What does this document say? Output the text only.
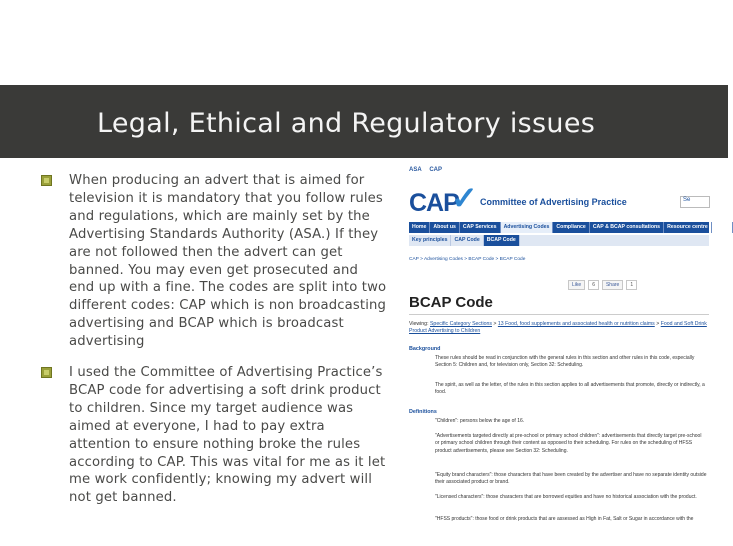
Legal, Ethical and Regulatory issues
When producing an advert that is aimed for
television it is mandatory that you follow rules
and regulations, which are mainly set by the
Advertising Standards Authority (ASA.) If they
are not followed then the advert can get
banned. You may even get prosecuted and
end up with a fine. The codes are split into two
different codes: CAP which is non broadcasting
advertising and BCAP which is broadcast
advertising
I used the Committee of Advertising Practice’s
BCAP code for advertising a soft drink product
to children. Since my target audience was
aimed at everyone, I had to pay extra
attention to ensure nothing broke the rules
according to CAP. This was vital for me as it let
me work confidently; knowing my advert will
not get banned.
ASA CAP
CAP
✓ Committee of Advertising Practice	Se
Home	About us	CAP Services	Advertising Codes	Compliance	CAP & BCAP consultations	Resource centre	Media
Key principles	CAP Code	BCAP Code
CAP > Advertising Codes > BCAP Code > BCAP Code
Like	6	Share	1
BCAP Code
Viewing: Specific Category Sections > 13 Food, food supplements and associated health or nutrition claims > Food and Soft Drink Product Advertising to Children
Background
These rules should be read in conjunction with the general rules in this section and other rules in this code, especially Section 5: Children and, for television only, Section 32: Scheduling.
The spirit, as well as the letter, of the rules in this section applies to all advertisements that promote, directly or indirectly, a food.
Definitions
"Children": persons below the age of 16.
"Advertisements targeted directly at pre-school or primary school children": advertisements that directly target pre-school or primary school children through their content as opposed to their scheduling. For rules on the scheduling of HFSS product advertisements, please see Section 32: Scheduling.
"Equity brand characters": those characters that have been created by the advertiser and have no separate identity outside their associated product or brand.
"Licensed characters": those characters that are borrowed equities and have no historical association with the product.
"HFSS products": those food or drink products that are assessed as High in Fat, Salt or Sugar in accordance with the
